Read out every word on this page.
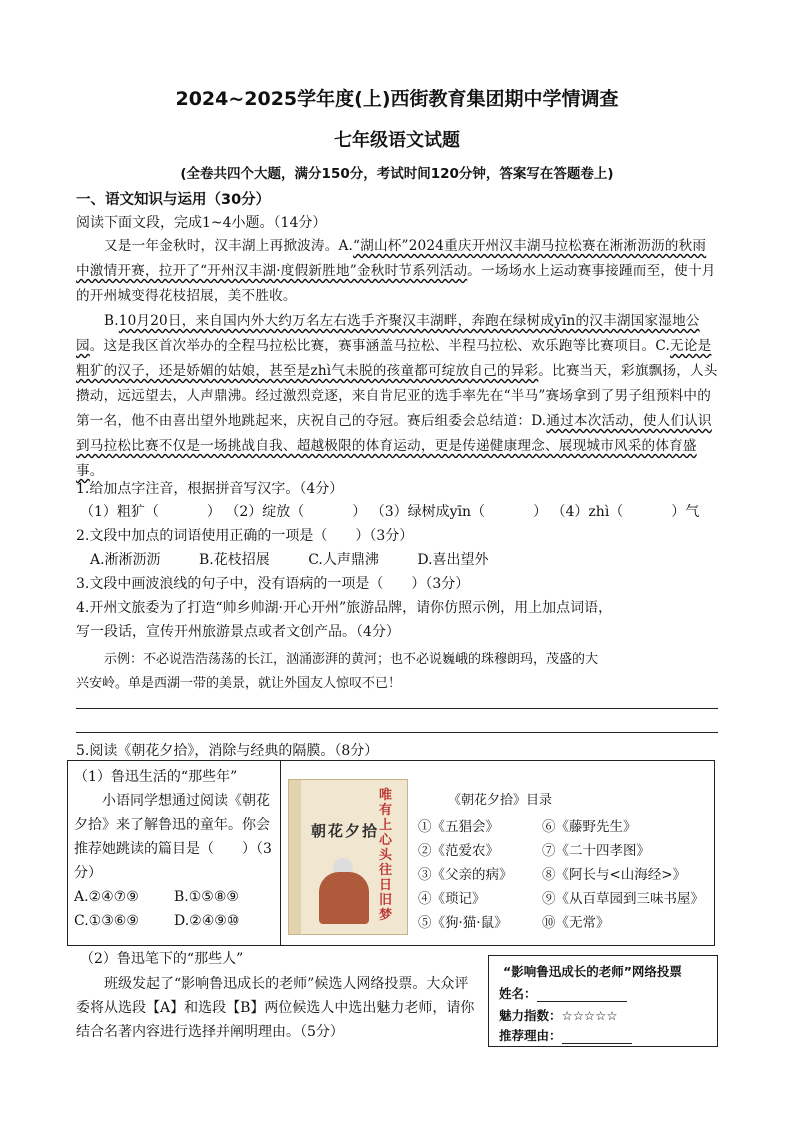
2024~2025学年度(上)西街教育集团期中学情调查
七年级语文试题
(全卷共四个大题，满分150分，考试时间120分钟，答案写在答题卷上)
一、语文知识与运用（30分）
阅读下面文段，完成1~4小题。（14分）

又是一年金秋时，汉丰湖上再掀波涛。A.“湖山杯”2024重庆开州汉丰湖马拉松赛在淅淅沥沥的秋雨中激情开赛，拉开了“开州汉丰湖·度假新胜地”金秋时节系列活动。一场场水上运动赛事接踵而至，使十月的开州城变得花枝招展，美不胜收。

B.10月20日，来自国内外大约万名左右选手齐聚汉丰湖畔，奔跑在绿树成yīn的汉丰湖国家湿地公园。这是我区首次举办的全程马拉松比赛，赛事涵盖马拉松、半程马拉松、欢乐跑等比赛项目。C.无论是粗犷的汉子，还是娇媚的姑娘，甚至是zhì气未脱的孩童都可绽放自己的异彩。比赛当天，彩旗飘扬，人头攒动，远远望去，人声鼎沸。经过激烈竞逐，来自肯尼亚的选手率先在“半马”赛场拿到了男子组预料中的第一名，他不由喜出望外地跳起来，庆祝自己的夺冠。赛后组委会总结道：D.通过本次活动，使人们认识到马拉松比赛不仅是一场挑战自我、超越极限的体育运动，更是传递健康理念、展现城市风采的体育盛事。

1.给加点字注音，根据拼音写汉字。（4分）
（1）粗犷（	） （2）绽放（	） （3）绿树成yīn（	） （4）zhì（	）气
2.文段中加点的词语使用正确的一项是（　　）（3分）
A.淅淅沥沥	B.花枝招展	C.人声鼎沸	D.喜出望外
3.文段中画波浪线的句子中，没有语病的一项是（　　）（3分）
4.开州文旅委为了打造“帅乡帅湖·开心开州”旅游品牌，请你仿照示例，用上加点词语，
写一段话，宣传开州旅游景点或者文创产品。（4分）
示例：不必说浩浩荡荡的长江，汹涌澎湃的黄河；也不必说巍峨的珠穆朗玛，茂盛的大
兴安岭。单是西湖一带的美景，就让外国友人惊叹不已！
5.阅读《朝花夕拾》，消除与经典的隔膜。（8分）
（1）鲁迅生活的“那些年”
小语同学想通过阅读《朝花夕拾》来了解鲁迅的童年。你会推荐她跳读的篇目是（　　）（3分）
A.②④⑦⑨	B.①⑤⑧⑨
C.①③⑥⑨	D.②④⑨⑩
朝花夕拾
唯有上心头往日旧梦
《朝花夕拾》目录
①《五猖会》
②《范爱农》
③《父亲的病》
④《琐记》
⑤《狗·猫·鼠》
⑥《藤野先生》
⑦《二十四孝图》
⑧《阿长与<山海经>》
⑨《从百草园到三味书屋》
⑩《无常》
（2）鲁迅笔下的“那些人”
班级发起了“影响鲁迅成长的老师”候选人网络投票。大众评委将从选段【A】和选段【B】两位候选人中选出魅力老师，请你结合名著内容进行选择并阐明理由。（5分）
“影响鲁迅成长的老师”网络投票
姓名：
魅力指数：☆☆☆☆☆
推荐理由：
